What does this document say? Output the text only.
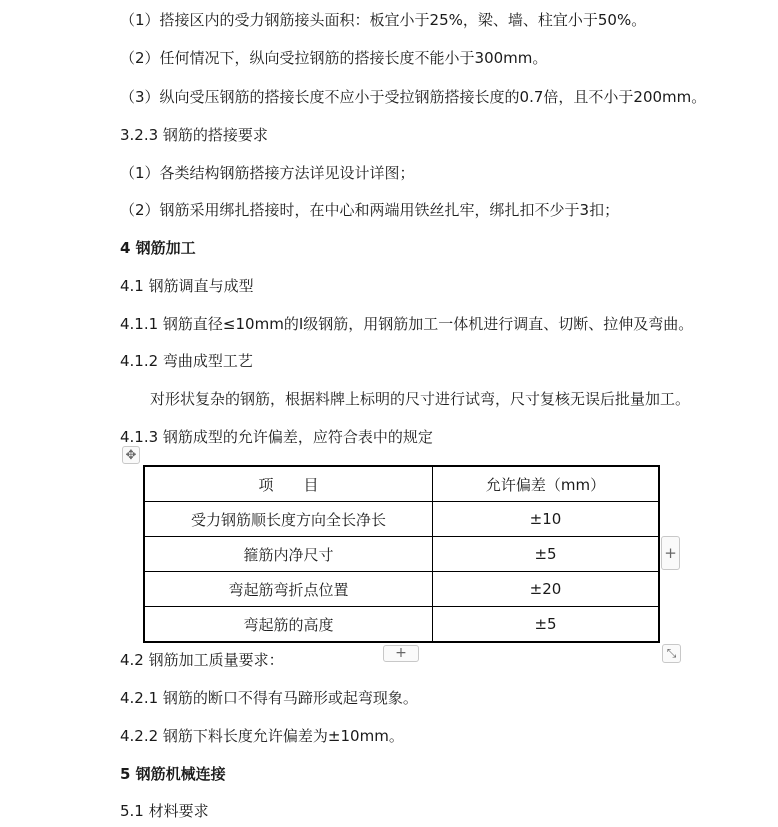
（1）搭接区内的受力钢筋接头面积：板宜小于25%，梁、墙、柱宜小于50%。
（2）任何情况下，纵向受拉钢筋的搭接长度不能小于300mm。
（3）纵向受压钢筋的搭接长度不应小于受拉钢筋搭接长度的0.7倍，且不小于200mm。
3.2.3 钢筋的搭接要求
（1）各类结构钢筋搭接方法详见设计详图；
（2）钢筋采用绑扎搭接时，在中心和两端用铁丝扎牢，绑扎扣不少于3扣；
4 钢筋加工
4.1 钢筋调直与成型
4.1.1 钢筋直径≤10mm的I级钢筋，用钢筋加工一体机进行调直、切断、拉伸及弯曲。
4.1.2 弯曲成型工艺
对形状复杂的钢筋，根据料牌上标明的尺寸进行试弯，尺寸复核无误后批量加工。
4.1.3 钢筋成型的允许偏差，应符合表中的规定
✥
项　　目	允许偏差（mm）
受力钢筋顺长度方向全长净长	±10
箍筋内净尺寸	±5
弯起筋弯折点位置	±20
弯起筋的高度	±5
+
+	⤡
4.2 钢筋加工质量要求：
4.2.1 钢筋的断口不得有马蹄形或起弯现象。
4.2.2 钢筋下料长度允许偏差为±10mm。
5 钢筋机械连接
5.1 材料要求
